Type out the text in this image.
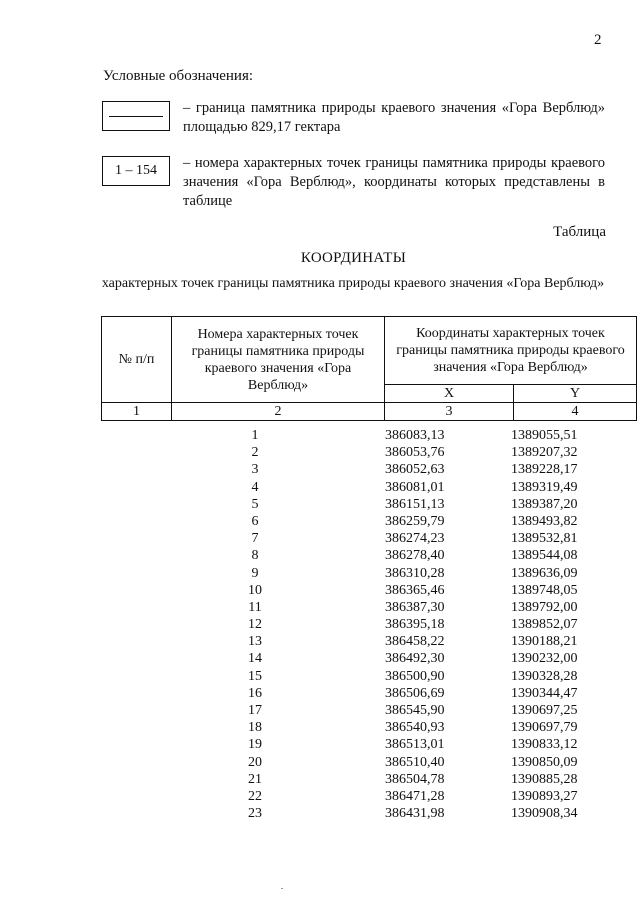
2
Условные обозначения:
– граница памятника природы краевого значения «Гора Верблюд» площадью 829,17 гектара
1 – 154	– номера характерных точек границы памятника природы краевого значения «Гора Верблюд», координаты которых представлены в таблице
Таблица
КООРДИНАТЫ
характерных точек границы памятника природы краевого значения «Гора Верблюд»
№ п/п	Номера характерных точек границы памятника природы краевого значения «Гора Верблюд»	Координаты характерных точек границы памятника природы краевого значения «Гора Верблюд»	
		X	Y
1	2	3	4
1	386083,13	1389055,51
2	386053,76	1389207,32
3	386052,63	1389228,17
4	386081,01	1389319,49
5	386151,13	1389387,20
6	386259,79	1389493,82
7	386274,23	1389532,81
8	386278,40	1389544,08
9	386310,28	1389636,09
10	386365,46	1389748,05
11	386387,30	1389792,00
12	386395,18	1389852,07
13	386458,22	1390188,21
14	386492,30	1390232,00
15	386500,90	1390328,28
16	386506,69	1390344,47
17	386545,90	1390697,25
18	386540,93	1390697,79
19	386513,01	1390833,12
20	386510,40	1390850,09
21	386504,78	1390885,28
22	386471,28	1390893,27
23	386431,98	1390908,34
